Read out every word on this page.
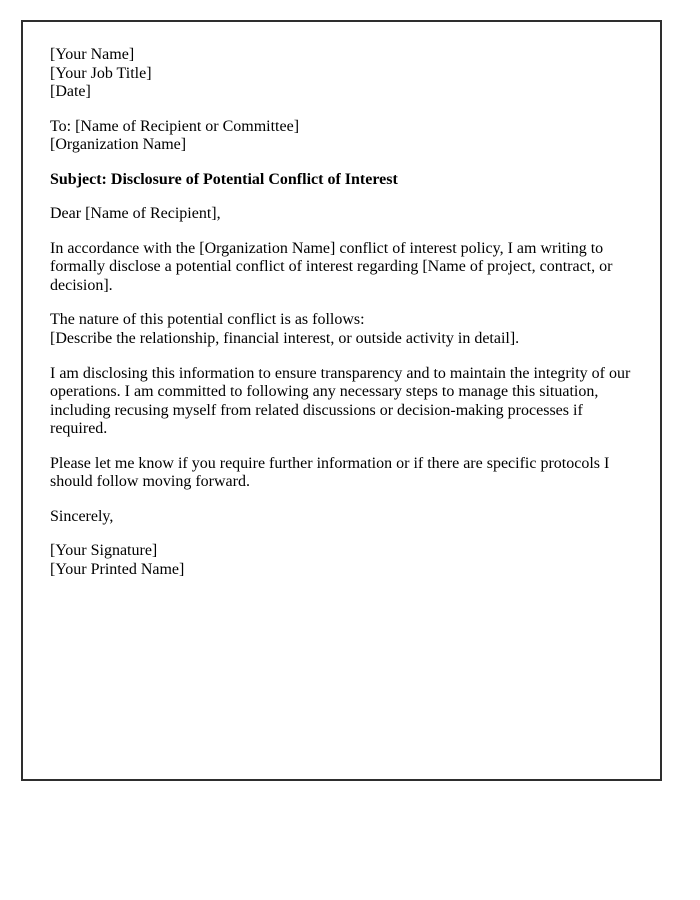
[Your Name]
[Your Job Title]
[Date]

To: [Name of Recipient or Committee]
[Organization Name]

Subject: Disclosure of Potential Conflict of Interest

Dear [Name of Recipient],

In accordance with the [Organization Name] conflict of interest policy, I am writing to formally disclose a potential conflict of interest regarding [Name of project, contract, or decision].

The nature of this potential conflict is as follows:
[Describe the relationship, financial interest, or outside activity in detail].

I am disclosing this information to ensure transparency and to maintain the integrity of our operations. I am committed to following any necessary steps to manage this situation, including recusing myself from related discussions or decision-making processes if required.

Please let me know if you require further information or if there are specific protocols I should follow moving forward.

Sincerely,

[Your Signature]
[Your Printed Name]
